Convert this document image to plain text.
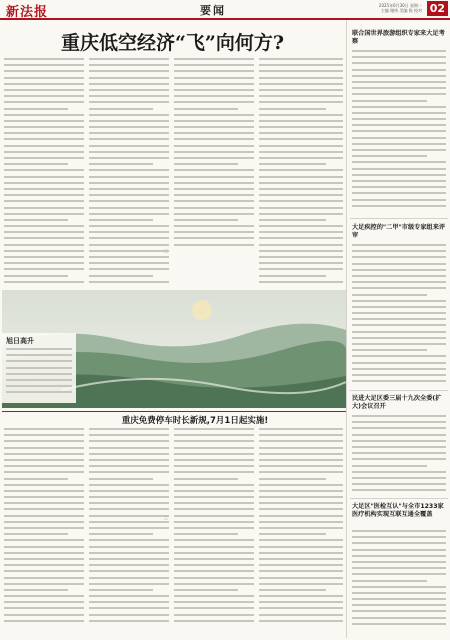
新法报	要闻	2025年6月30日 星期一
主编 谢伟 美编 陈 校对 02
重庆低空经济“飞”向何方?
二
旭日高升
重庆免费停车时长新规,7月1日起实施!
三
联合国世界旅游组织专家来大足考察
大足疾控的"二甲"市级专家组来评审
民进大足区委三届十九次全委(扩大)会议召开
大足区"医检互认"与全市1233家医疗机构实现互联互通全覆盖
